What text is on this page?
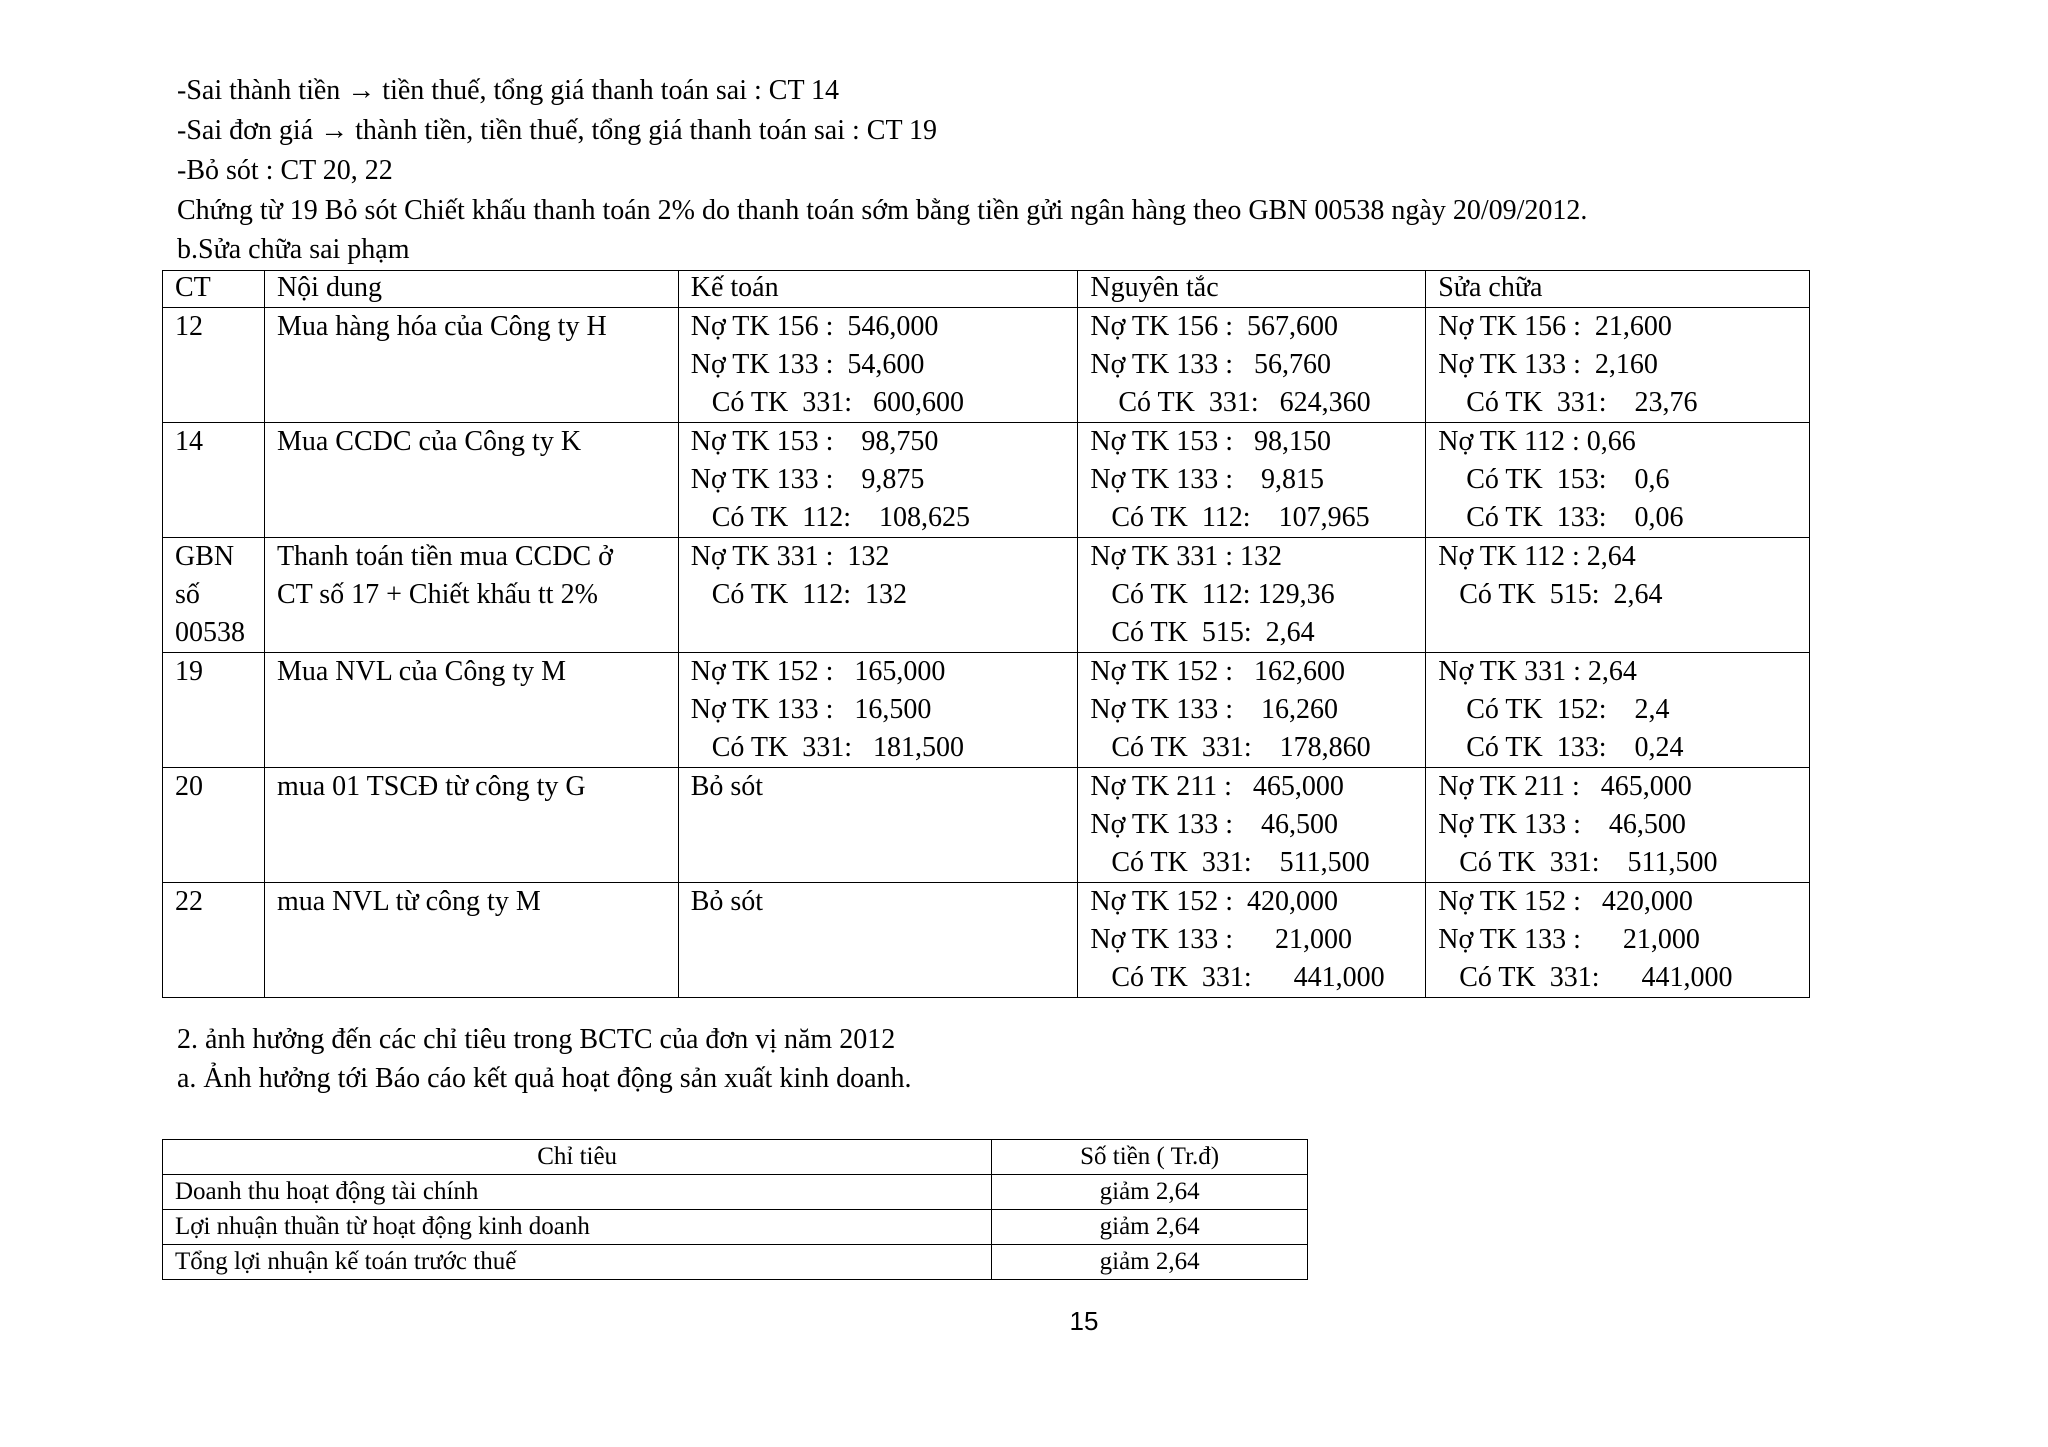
-Sai thành tiền → tiền thuế, tổng giá thanh toán sai : CT 14
-Sai đơn giá → thành tiền, tiền thuế, tổng giá thanh toán sai : CT 19
-Bỏ sót : CT 20, 22
Chứng từ 19 Bỏ sót Chiết khấu thanh toán 2% do thanh toán sớm bằng tiền gửi ngân hàng theo GBN 00538 ngày 20/09/2012.
b.Sửa chữa sai phạm
CT	Nội dung	Kế toán	Nguyên tắc	Sửa chữa

12	Mua hàng hóa của Công ty H	Nợ TK 156 :  546,000
Nợ TK 133 :  54,600
Có TK  331:   600,600	Nợ TK 156 :  567,600
Nợ TK 133 :   56,760
Có TK  331:   624,360	Nợ TK 156 :  21,600
Nợ TK 133 :  2,160
Có TK  331:    23,76

14	Mua CCDC của Công ty K	Nợ TK 153 :    98,750
Nợ TK 133 :    9,875
Có TK  112:    108,625	Nợ TK 153 :   98,150
Nợ TK 133 :    9,815
Có TK  112:    107,965	Nợ TK 112 : 0,66
Có TK  153:    0,6
Có TK  133:    0,06

GBN
số
00538	Thanh toán tiền mua CCDC ở
CT số 17 + Chiết khấu tt 2%	Nợ TK 331 :  132
Có TK  112:  132	Nợ TK 331 : 132
Có TK  112: 129,36
Có TK  515:  2,64	Nợ TK 112 : 2,64
Có TK  515:  2,64

19	Mua NVL của Công ty M	Nợ TK 152 :   165,000
Nợ TK 133 :   16,500
Có TK  331:   181,500	Nợ TK 152 :   162,600
Nợ TK 133 :    16,260
Có TK  331:    178,860	Nợ TK 331 : 2,64
Có TK  152:    2,4
Có TK  133:    0,24

20	mua 01 TSCĐ từ công ty G	Bỏ sót	Nợ TK 211 :   465,000
Nợ TK 133 :    46,500
Có TK  331:    511,500	Nợ TK 211 :   465,000
Nợ TK 133 :    46,500
Có TK  331:    511,500

22	mua NVL từ công ty M	Bỏ sót	Nợ TK 152 :  420,000
Nợ TK 133 :      21,000
Có TK  331:      441,000	Nợ TK 152 :   420,000
Nợ TK 133 :      21,000
Có TK  331:      441,000
2. ảnh hưởng đến các chỉ tiêu trong BCTC của đơn vị năm 2012
a. Ảnh hưởng tới Báo cáo kết quả hoạt động sản xuất kinh doanh.
Chỉ tiêu	Số tiền ( Tr.đ)
Doanh thu hoạt động tài chính	giảm 2,64
Lợi nhuận thuần từ hoạt động kinh doanh	giảm 2,64
Tổng lợi nhuận kế toán trước thuế	giảm 2,64
15
